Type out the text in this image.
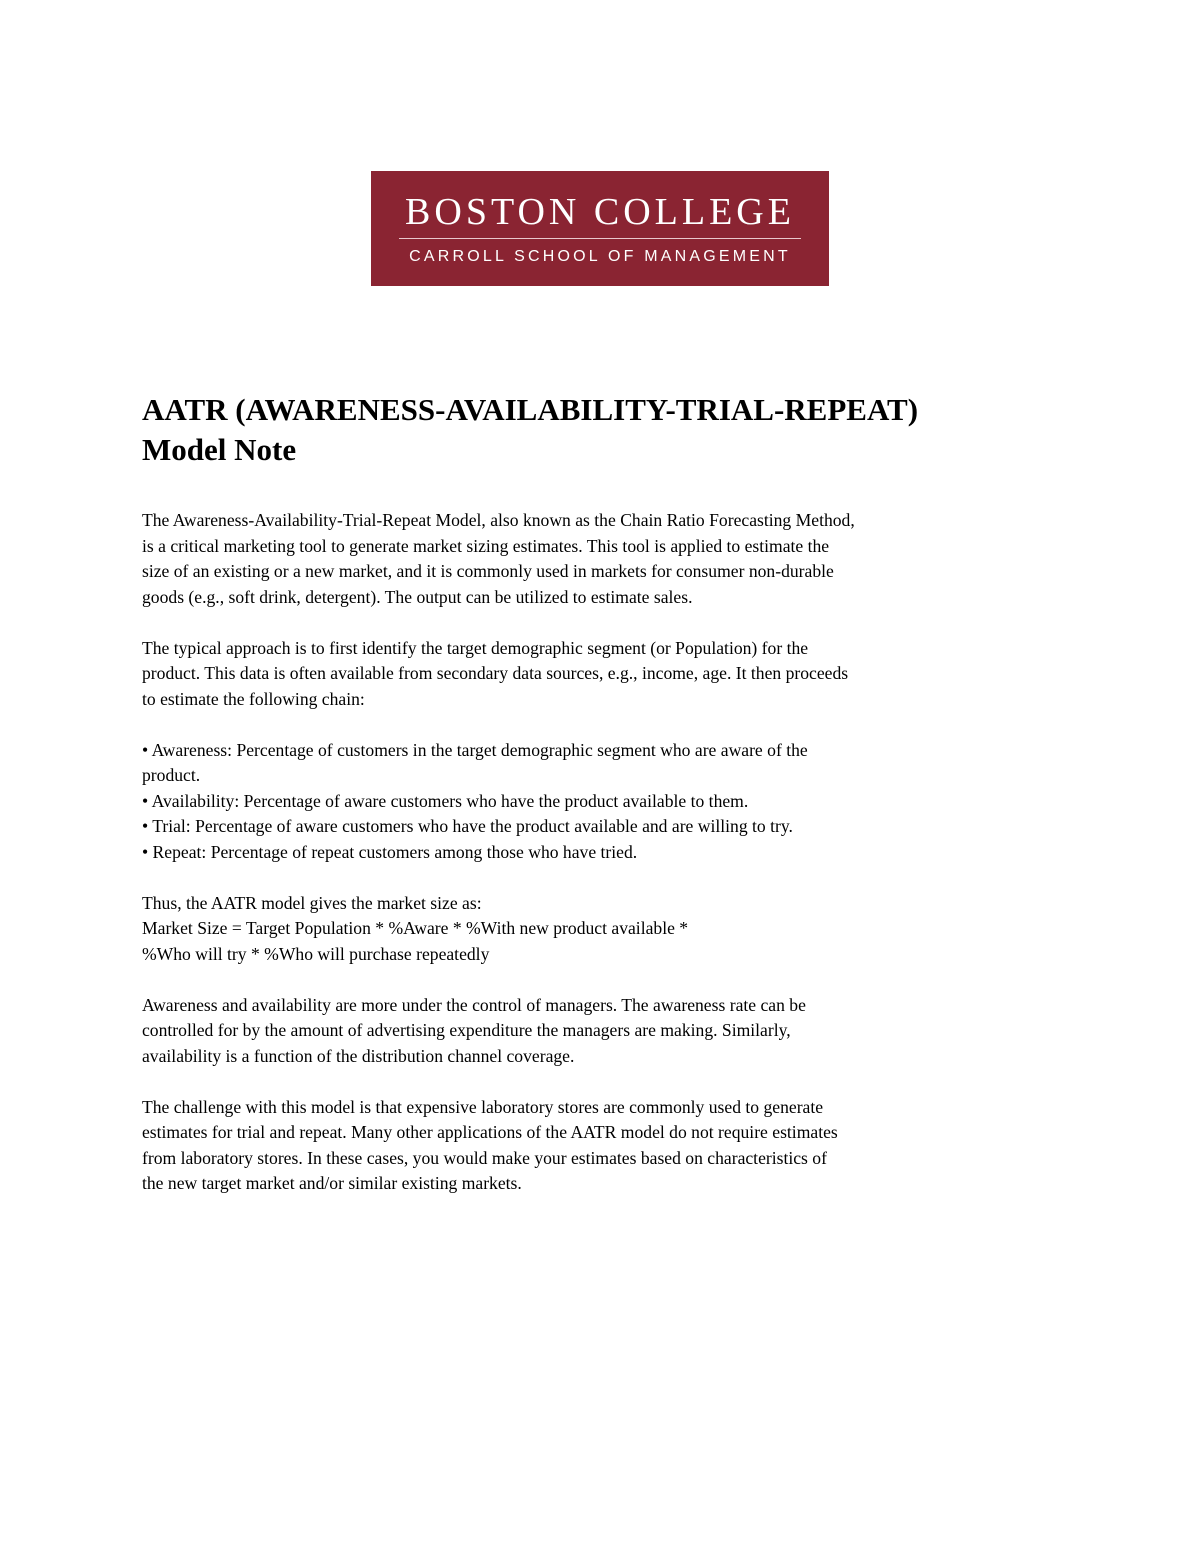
BOSTON COLLEGE
CARROLL SCHOOL OF MANAGEMENT
AATR (AWARENESS-AVAILABILITY-TRIAL-REPEAT)
Model Note
The Awareness-Availability-Trial-Repeat Model, also known as the Chain Ratio Forecasting Method,
is a critical marketing tool to generate market sizing estimates. This tool is applied to estimate the
size of an existing or a new market, and it is commonly used in markets for consumer non-durable
goods (e.g., soft drink, detergent). The output can be utilized to estimate sales.
The typical approach is to first identify the target demographic segment (or Population) for the
product. This data is often available from secondary data sources, e.g., income, age. It then proceeds
to estimate the following chain:
• Awareness: Percentage of customers in the target demographic segment who are aware of the
product.
• Availability: Percentage of aware customers who have the product available to them.
• Trial: Percentage of aware customers who have the product available and are willing to try.
• Repeat: Percentage of repeat customers among those who have tried.
Thus, the AATR model gives the market size as:
Market Size = Target Population * %Aware * %With new product available *
%Who will try * %Who will purchase repeatedly
Awareness and availability are more under the control of managers. The awareness rate can be
controlled for by the amount of advertising expenditure the managers are making. Similarly,
availability is a function of the distribution channel coverage.
The challenge with this model is that expensive laboratory stores are commonly used to generate
estimates for trial and repeat. Many other applications of the AATR model do not require estimates
from laboratory stores. In these cases, you would make your estimates based on characteristics of
the new target market and/or similar existing markets.
